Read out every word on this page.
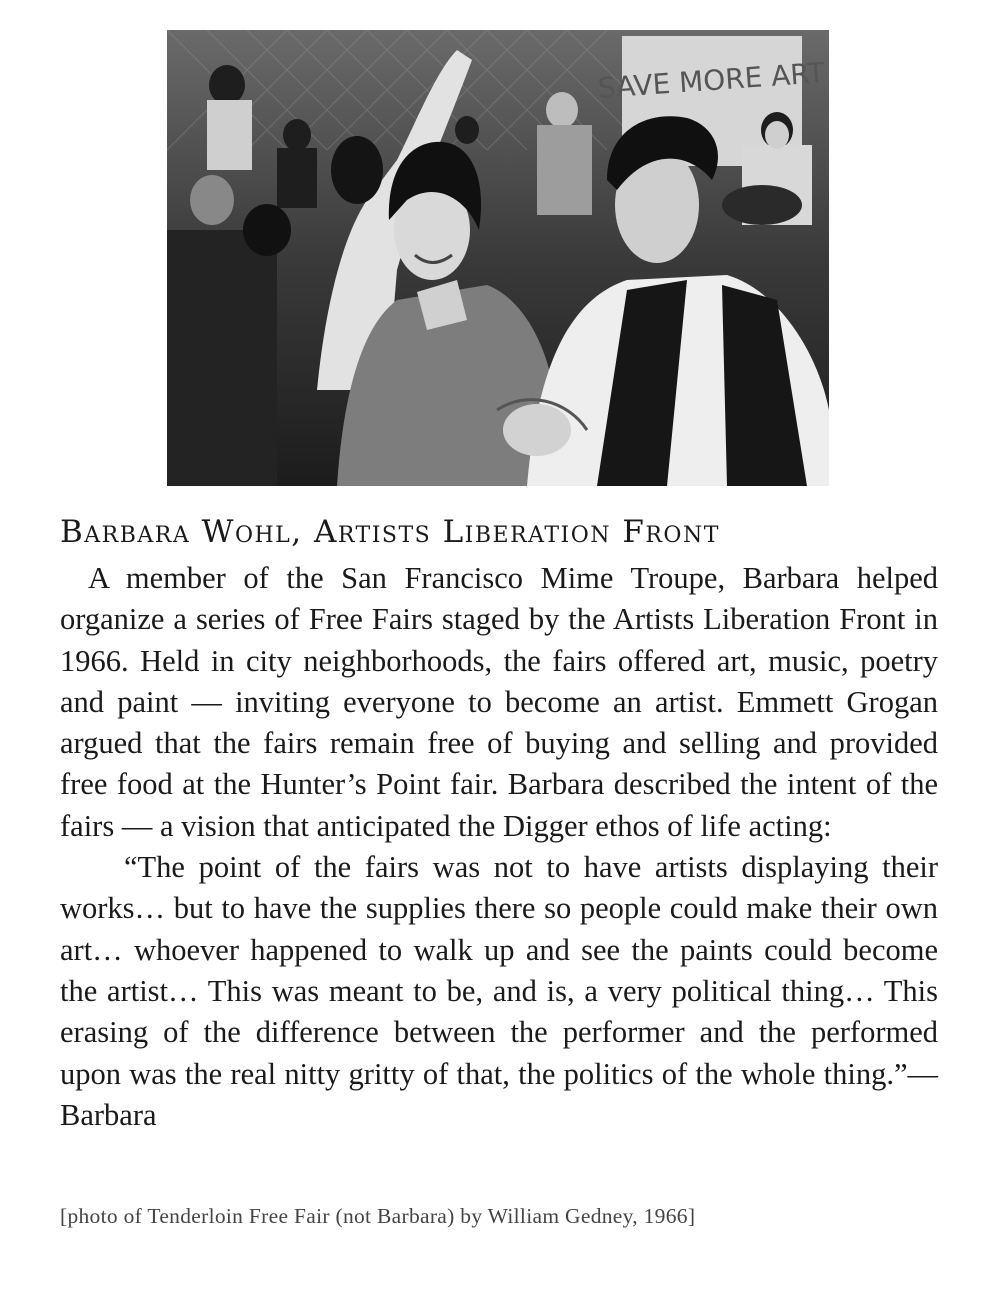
SAVE MORE ART
Barbara Wohl, Artists Liberation Front

A member of the San Francisco Mime Troupe, Barbara helped organize a series of Free Fairs staged by the Artists Liberation Front in 1966. Held in city neighborhoods, the fairs offered art, music, poetry and paint — inviting everyone to become an artist. Emmett Grogan argued that the fairs remain free of buying and selling and provided free food at the Hunter’s Point fair. Barbara described the intent of the fairs — a vision that anticipated the Digger ethos of life acting:

“The point of the fairs was not to have artists displaying their works… but to have the supplies there so people could make their own art… whoever happened to walk up and see the paints could become the artist… This was meant to be, and is, a very political thing… This erasing of the difference between the performer and the performed upon was the real nitty gritty of that, the politics of the whole thing.”—Barbara

[photo of Tenderloin Free Fair (not Barbara) by William Gedney, 1966]
